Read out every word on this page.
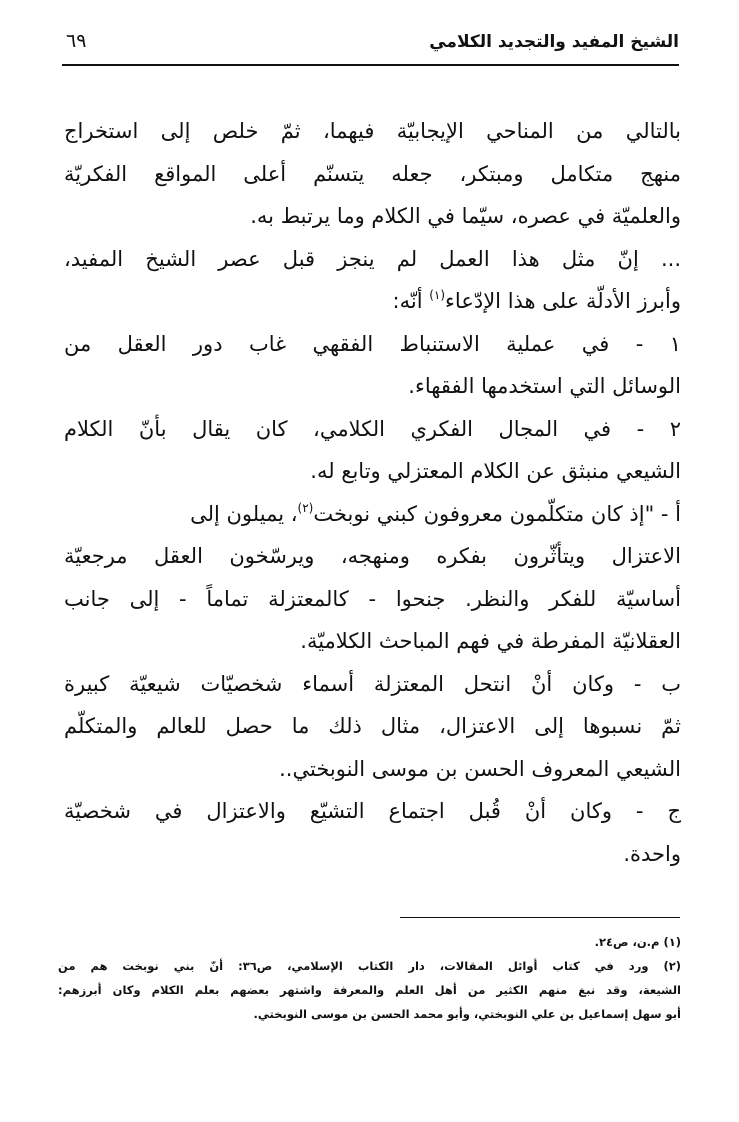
الشيخ المفيد والتجديد الكلامي
٦٩
بالتالي من المناحي الإيجابيّة فيهما، ثمّ خلص إلى استخراج
منهج متكامل ومبتكر، جعله يتسنّم أعلى المواقع الفكريّة
والعلميّة في عصره، سيّما في الكلام وما يرتبط به.
... إنّ مثل هذا العمل لم ينجز قبل عصر الشيخ المفيد،
وأبرز الأدلّة على هذا الإدّعاء$^{(١)}$ أنّه:
١ - في عملية الاستنباط الفقهي غاب دور العقل من
الوسائل التي استخدمها الفقهاء.
٢ - في المجال الفكري الكلامي، كان يقال بأنّ الكلام
الشيعي منبثق عن الكلام المعتزلي وتابع له.
أ - "إذ كان متكلّمون معروفون كبني نوبخت$^{(٢)}$، يميلون إلى
الاعتزال ويتأثّرون بفكره ومنهجه، ويرسّخون العقل مرجعيّة
أساسيّة للفكر والنظر. جنحوا - كالمعتزلة تماماً - إلى جانب
العقلانيّة المفرطة في فهم المباحث الكلاميّة.
ب - وكان أنْ انتحل المعتزلة أسماء شخصيّات شيعيّة كبيرة
ثمّ نسبوها إلى الاعتزال، مثال ذلك ما حصل للعالم والمتكلّم
الشيعي المعروف الحسن بن موسى النوبختي..
ج - وكان أنْ قُبل اجتماع التشيّع والاعتزال في شخصيّة
واحدة.
(١) م.ن، ص٢٤.
(٢) ورد في كتاب أوائل المقالات، دار الكتاب الإسلامي، ص٣٦: أنّ بني نوبخت هم من
الشيعة، وقد نبغ منهم الكثير من أهل العلم والمعرفة واشتهر بعضهم بعلم الكلام وكان أبرزهم:
أبو سهل إسماعيل بن علي النوبختي، وأبو محمد الحسن بن موسى النوبختي.
